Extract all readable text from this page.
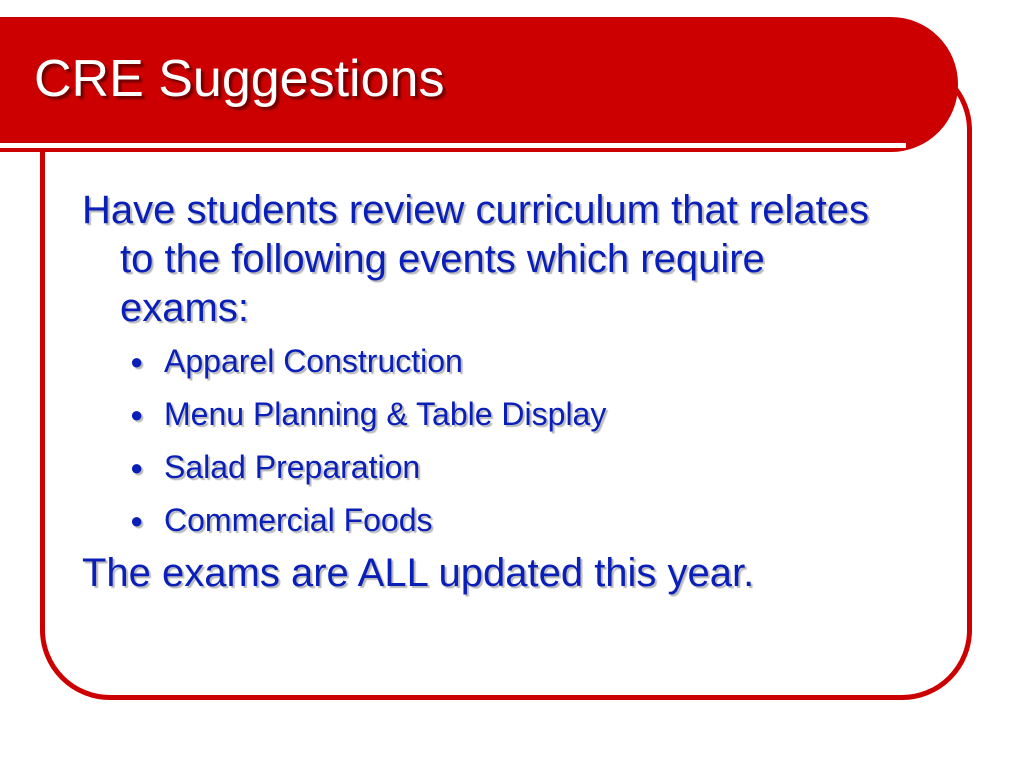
CRE Suggestions

Have students review curriculum that relates to the following events which require exams:

● Apparel Construction
● Menu Planning & Table Display
● Salad Preparation
● Commercial Foods

The exams are ALL updated this year.
